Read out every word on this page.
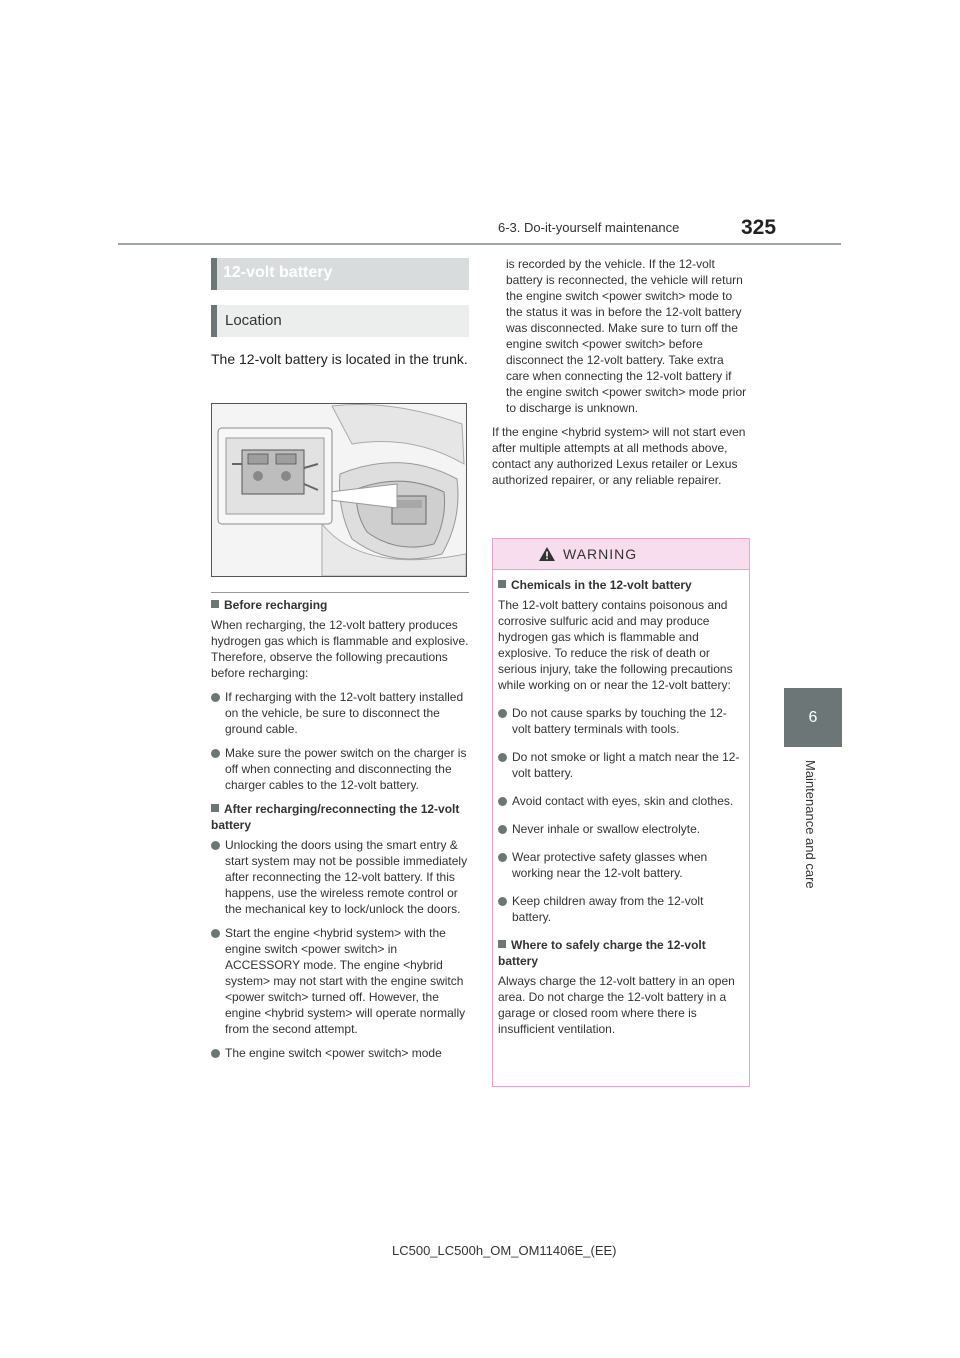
6-3. Do-it-yourself maintenance	325
6
Maintenance and care
12-volt battery
Location
The 12-volt battery is located in the trunk.
Before recharging
When recharging, the 12-volt battery produces hydrogen gas which is flammable and explosive. Therefore, observe the following precautions before recharging:
If recharging with the 12-volt battery installed on the vehicle, be sure to disconnect the ground cable.
Make sure the power switch on the charger is off when connecting and disconnecting the charger cables to the 12-volt battery.
After recharging/reconnecting the 12-volt battery
Unlocking the doors using the smart entry & start system may not be possible immediately after reconnecting the 12-volt battery. If this happens, use the wireless remote control or the mechanical key to lock/unlock the doors.
Start the engine <hybrid system> with the engine switch <power switch> in ACCESSORY mode. The engine <hybrid system> may not start with the engine switch <power switch> turned off. However, the engine <hybrid system> will operate normally from the second attempt.
The engine switch <power switch> mode
is recorded by the vehicle. If the 12-volt battery is reconnected, the vehicle will return the engine switch <power switch> mode to the status it was in before the 12-volt battery was disconnected. Make sure to turn off the engine switch <power switch> before disconnect the 12-volt battery. Take extra care when connecting the 12-volt battery if the engine switch <power switch> mode prior to discharge is unknown.
If the engine <hybrid system> will not start even after multiple attempts at all methods above, contact any authorized Lexus retailer or Lexus authorized repairer, or any reliable repairer.
WARNING
Chemicals in the 12-volt battery
The 12-volt battery contains poisonous and corrosive sulfuric acid and may produce hydrogen gas which is flammable and explosive. To reduce the risk of death or serious injury, take the following precautions while working on or near the 12-volt battery:
Do not cause sparks by touching the 12-volt battery terminals with tools.
Do not smoke or light a match near the 12-volt battery.
Avoid contact with eyes, skin and clothes.
Never inhale or swallow electrolyte.
Wear protective safety glasses when working near the 12-volt battery.
Keep children away from the 12-volt battery.
Where to safely charge the 12-volt battery
Always charge the 12-volt battery in an open area. Do not charge the 12-volt battery in a garage or closed room where there is insufficient ventilation.
LC500_LC500h_OM_OM11406E_(EE)
